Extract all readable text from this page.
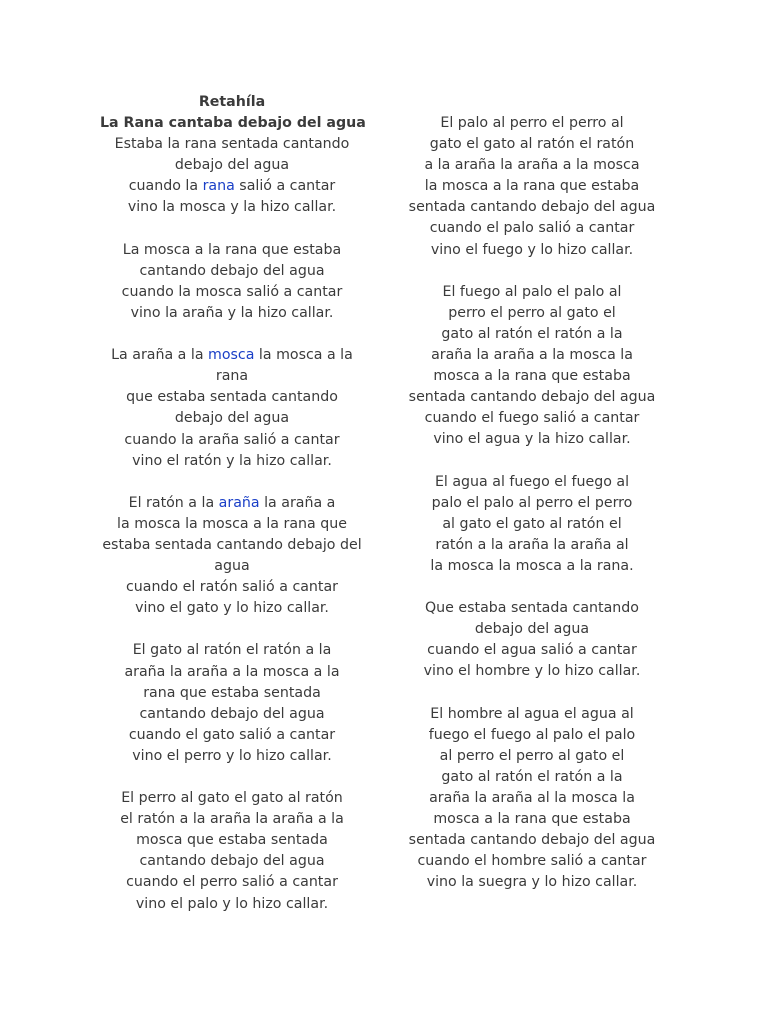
Retahíla
La Rana cantaba debajo del agua
Estaba la rana sentada cantando
debajo del agua
cuando la rana salió a cantar
vino la mosca y la hizo callar.
La mosca a la rana que estaba
cantando debajo del agua
cuando la mosca salió a cantar
vino la araña y la hizo callar.
La araña a la mosca la mosca a la
rana
que estaba sentada cantando
debajo del agua
cuando la araña salió a cantar
vino el ratón y la hizo callar.
El ratón a la araña la araña a
la mosca la mosca a la rana que
estaba sentada cantando debajo del
agua
cuando el ratón salió a cantar
vino el gato y lo hizo callar.
El gato al ratón el ratón a la
araña la araña a la mosca a la
rana que estaba sentada
cantando debajo del agua
cuando el gato salió a cantar
vino el perro y lo hizo callar.
El perro al gato el gato al ratón
el ratón a la araña la araña a la
mosca que estaba sentada
cantando debajo del agua
cuando el perro salió a cantar
vino el palo y lo hizo callar.
El palo al perro el perro al
gato el gato al ratón el ratón
a la araña la araña a la mosca
la mosca a la rana que estaba
sentada cantando debajo del agua
cuando el palo salió a cantar
vino el fuego y lo hizo callar.
El fuego al palo el palo al
perro el perro al gato el
gato al ratón el ratón a la
araña la araña a la mosca la
mosca a la rana que estaba
sentada cantando debajo del agua
cuando el fuego salió a cantar
vino el agua y la hizo callar.
El agua al fuego el fuego al
palo el palo al perro el perro
al gato el gato al ratón el
ratón a la araña la araña al
la mosca la mosca a la rana.
Que estaba sentada cantando
debajo del agua
cuando el agua salió a cantar
vino el hombre y lo hizo callar.
El hombre al agua el agua al
fuego el fuego al palo el palo
al perro el perro al gato el
gato al ratón el ratón a la
araña la araña al la mosca la
mosca a la rana que estaba
sentada cantando debajo del agua
cuando el hombre salió a cantar
vino la suegra y lo hizo callar.
